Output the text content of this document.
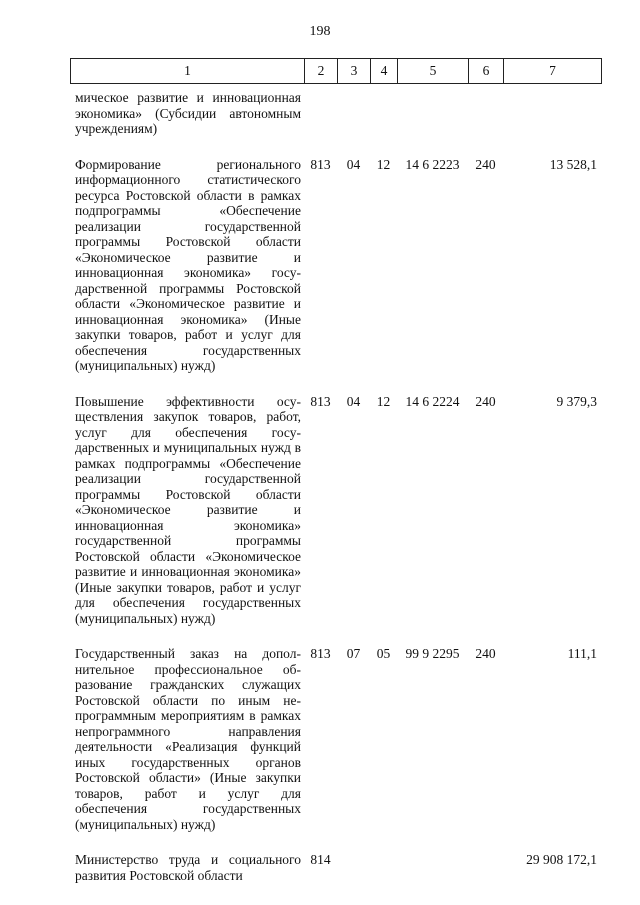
198
1	2	3	4	5	6	7
мическое развитие и инновационная экономика» (Субсидии автономным учреждениям)						

Формирование регионального информационного статистического ресурса Ростовской области в рамках подпрограммы «Обеспечение реализации государственной программы Ростовской области «Экономическое развитие и инновационная экономика» государственной программы Ростовской области «Экономическое развитие и инновационная экономика» (Иные закупки товаров, работ и услуг для обеспечения государственных (муниципальных) нужд)	813	04	12	14 6 2223	240	13 528,1

Повышение эффективности осуществления закупок товаров, работ, услуг для обеспечения государственных и муниципальных нужд в рамках подпрограммы «Обеспечение реализации государственной программы Ростовской области «Экономическое развитие и инновационная экономика» государственной программы Ростовской области «Экономическое развитие и инновационная экономика» (Иные закупки товаров, работ и услуг для обеспечения государственных (муниципальных) нужд)	813	04	12	14 6 2224	240	9 379,3

Государственный заказ на дополнительное профессиональное образование гражданских служащих Ростовской области по иным непрограммным мероприятиям в рамках непрограммного направления деятельности «Реализация функций иных государственных органов Ростовской области» (Иные закупки товаров, работ и услуг для обеспечения государственных (муниципальных) нужд)	813	07	05	99 9 2295	240	111,1

Министерство труда и социального развития Ростовской области	814					29 908 172,1
